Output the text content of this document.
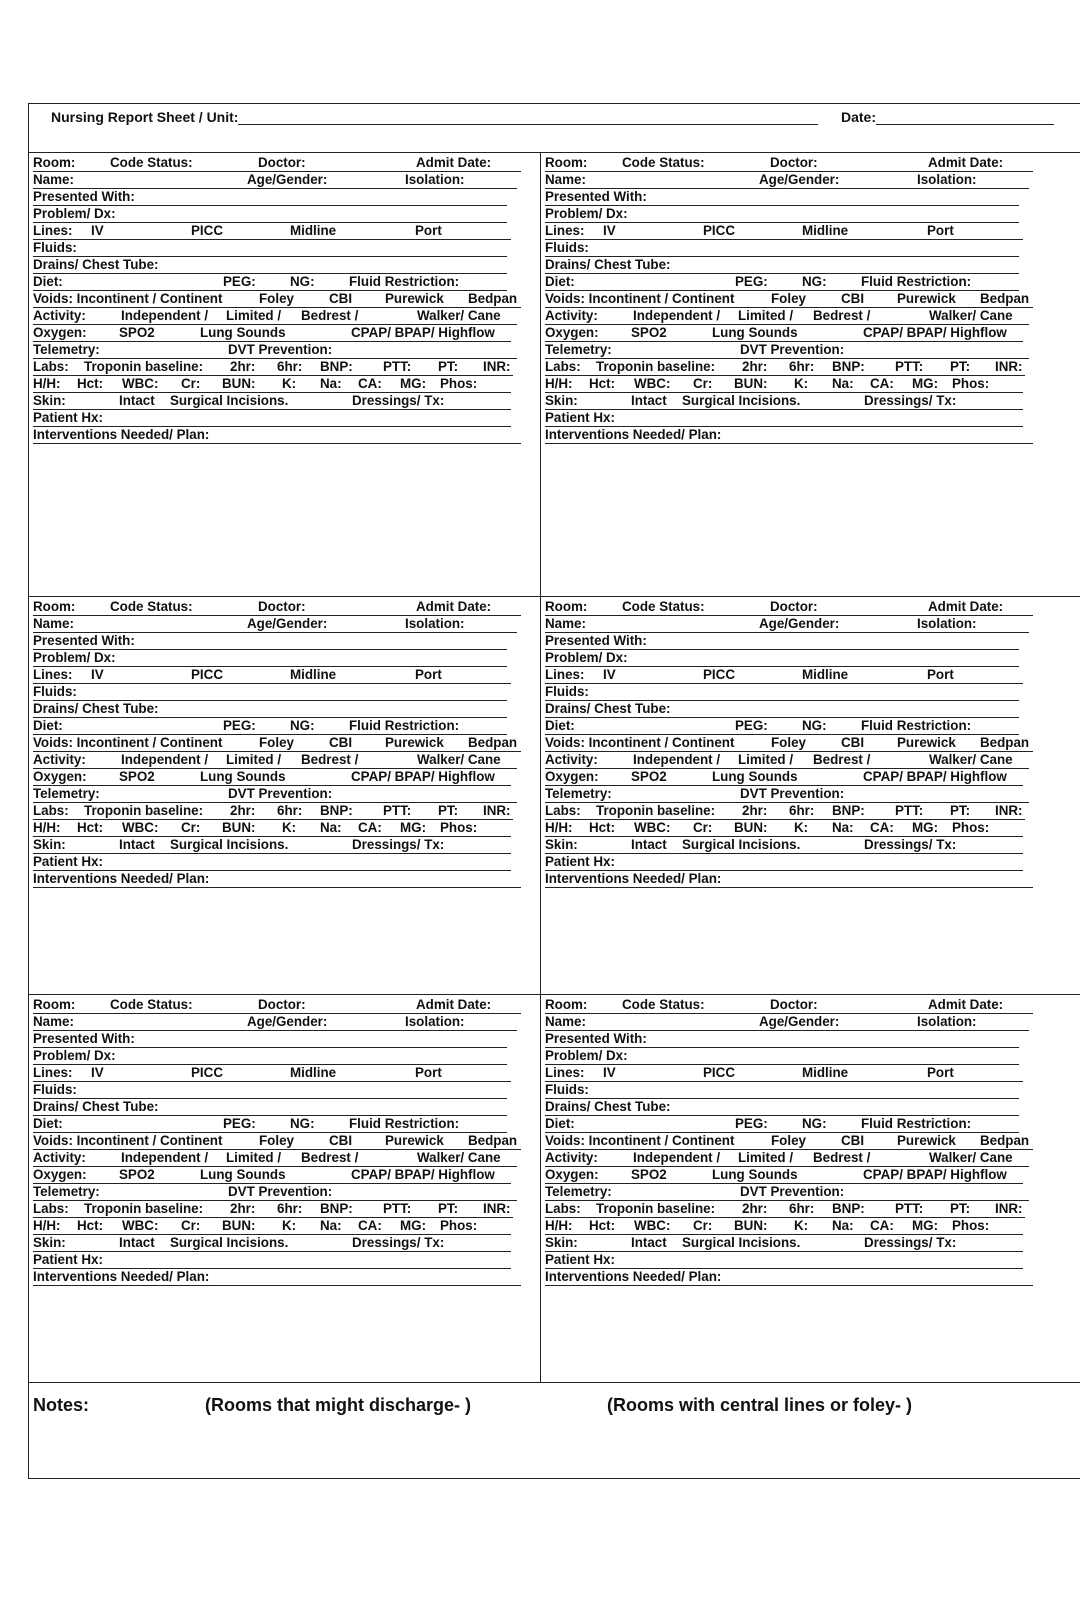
Nursing Report Sheet / Unit:	Date:
Room:	Code Status:	Doctor:	Admit Date:
Name:	Age/Gender:	Isolation:
Presented With:
Problem/ Dx:
Lines: IV	PICC	Midline	Port
Fluids:
Drains/ Chest Tube:
Diet:	PEG:	NG:	Fluid Restriction:
Voids: Incontinent / Continent	Foley	CBI Purewick Bedpan
Activity:	Independent / Limited / Bedrest /	Walker/ Cane
Oxygen: SPO2	Lung Sounds	CPAP/ BPAP/ Highflow
Telemetry:	DVT Prevention:
Labs: Troponin baseline: 2hr: 6hr: BNP: PTT: PT: INR:
H/H: Hct: WBC: Cr: BUN: K: Na: CA: MG: Phos:
Skin:	Intact Surgical Incisions.	Dressings/ Tx:
Patient Hx:
Interventions Needed/ Plan:
Room:	Code Status:	Doctor:	Admit Date:
Name:	Age/Gender:	Isolation:
Presented With:
Problem/ Dx:
Lines: IV	PICC	Midline	Port
Fluids:
Drains/ Chest Tube:
Diet:	PEG:	NG:	Fluid Restriction:
Voids: Incontinent / Continent	Foley	CBI Purewick Bedpan
Activity:	Independent / Limited / Bedrest /	Walker/ Cane
Oxygen: SPO2	Lung Sounds	CPAP/ BPAP/ Highflow
Telemetry:	DVT Prevention:
Labs: Troponin baseline: 2hr: 6hr: BNP: PTT: PT: INR:
H/H: Hct: WBC: Cr: BUN: K: Na: CA: MG: Phos:
Skin:	Intact Surgical Incisions.	Dressings/ Tx:
Patient Hx:
Interventions Needed/ Plan:
Room:	Code Status:	Doctor:	Admit Date:
Name:	Age/Gender:	Isolation:
Presented With:
Problem/ Dx:
Lines: IV	PICC	Midline	Port
Fluids:
Drains/ Chest Tube:
Diet:	PEG:	NG:	Fluid Restriction:
Voids: Incontinent / Continent	Foley	CBI Purewick Bedpan
Activity:	Independent / Limited / Bedrest /	Walker/ Cane
Oxygen: SPO2	Lung Sounds	CPAP/ BPAP/ Highflow
Telemetry:	DVT Prevention:
Labs: Troponin baseline: 2hr: 6hr: BNP: PTT: PT: INR:
H/H: Hct: WBC: Cr: BUN: K: Na: CA: MG: Phos:
Skin:	Intact Surgical Incisions.	Dressings/ Tx:
Patient Hx:
Interventions Needed/ Plan:
Room:	Code Status:	Doctor:	Admit Date:
Name:	Age/Gender:	Isolation:
Presented With:
Problem/ Dx:
Lines: IV	PICC	Midline	Port
Fluids:
Drains/ Chest Tube:
Diet:	PEG:	NG:	Fluid Restriction:
Voids: Incontinent / Continent	Foley	CBI Purewick Bedpan
Activity:	Independent / Limited / Bedrest /	Walker/ Cane
Oxygen: SPO2	Lung Sounds	CPAP/ BPAP/ Highflow
Telemetry:	DVT Prevention:
Labs: Troponin baseline: 2hr: 6hr: BNP: PTT: PT: INR:
H/H: Hct: WBC: Cr: BUN: K: Na: CA: MG: Phos:
Skin:	Intact Surgical Incisions.	Dressings/ Tx:
Patient Hx:
Interventions Needed/ Plan:
Room:	Code Status:	Doctor:	Admit Date:
Name:	Age/Gender:	Isolation:
Presented With:
Problem/ Dx:
Lines: IV	PICC	Midline	Port
Fluids:
Drains/ Chest Tube:
Diet:	PEG:	NG:	Fluid Restriction:
Voids: Incontinent / Continent	Foley	CBI Purewick Bedpan
Activity:	Independent / Limited / Bedrest /	Walker/ Cane
Oxygen: SPO2	Lung Sounds	CPAP/ BPAP/ Highflow
Telemetry:	DVT Prevention:
Labs: Troponin baseline: 2hr: 6hr: BNP: PTT: PT: INR:
H/H: Hct: WBC: Cr: BUN: K: Na: CA: MG: Phos:
Skin:	Intact Surgical Incisions.	Dressings/ Tx:
Patient Hx:
Interventions Needed/ Plan:
Room:	Code Status:	Doctor:	Admit Date:
Name:	Age/Gender:	Isolation:
Presented With:
Problem/ Dx:
Lines: IV	PICC	Midline	Port
Fluids:
Drains/ Chest Tube:
Diet:	PEG:	NG:	Fluid Restriction:
Voids: Incontinent / Continent	Foley	CBI Purewick Bedpan
Activity:	Independent / Limited / Bedrest /	Walker/ Cane
Oxygen: SPO2	Lung Sounds	CPAP/ BPAP/ Highflow
Telemetry:	DVT Prevention:
Labs: Troponin baseline: 2hr: 6hr: BNP: PTT: PT: INR:
H/H: Hct: WBC: Cr: BUN: K: Na: CA: MG: Phos:
Skin:	Intact Surgical Incisions.	Dressings/ Tx:
Patient Hx:
Interventions Needed/ Plan:
Notes:	(Rooms that might discharge- )	(Rooms with central lines or foley- )
